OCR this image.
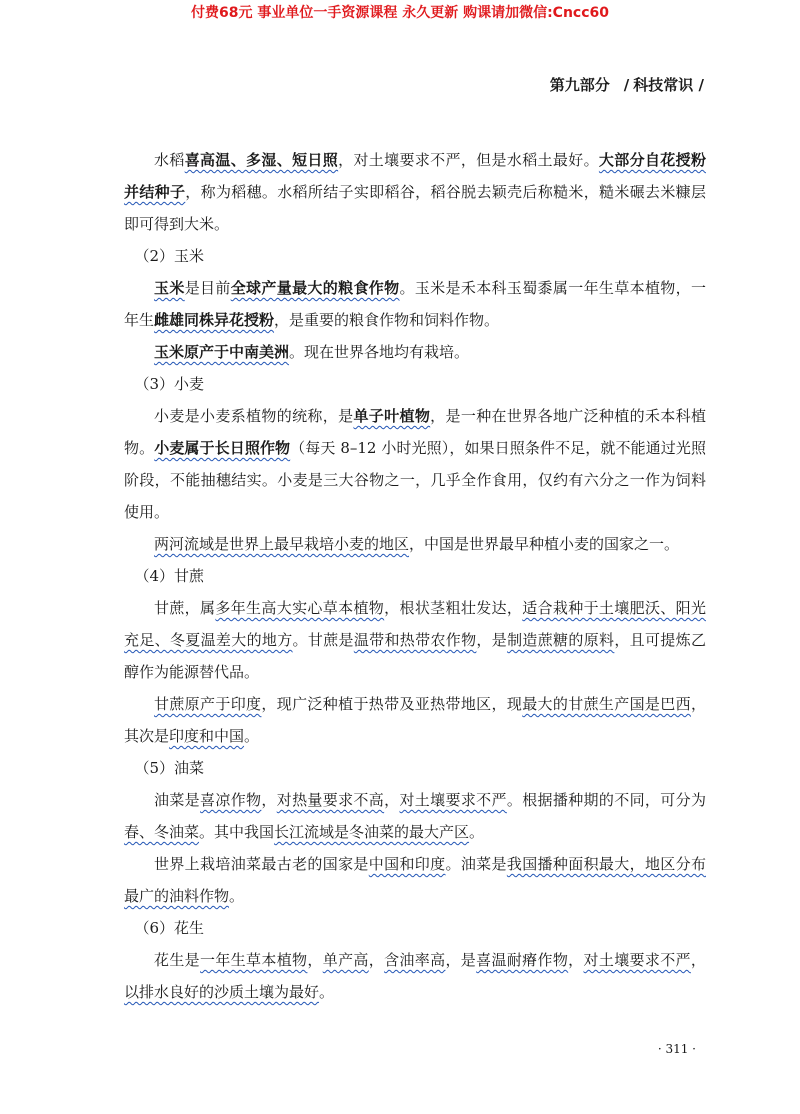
付费68元 事业单位一手资源课程 永久更新 购课请加微信:Cncc60
第九部分 / 科技常识 /

水稻喜高温、多湿、短日照，对土壤要求不严，但是水稻土最好。大部分自花授粉并结种子，称为稻穗。水稻所结子实即稻谷，稻谷脱去颖壳后称糙米，糙米碾去米糠层即可得到大米。

（2）玉米

玉米是目前全球产量最大的粮食作物。玉米是禾本科玉蜀黍属一年生草本植物，一年生雌雄同株异花授粉，是重要的粮食作物和饲料作物。

玉米原产于中南美洲。现在世界各地均有栽培。

（3）小麦

小麦是小麦系植物的统称，是单子叶植物，是一种在世界各地广泛种植的禾本科植物。小麦属于长日照作物（每天 8–12 小时光照），如果日照条件不足，就不能通过光照阶段，不能抽穗结实。小麦是三大谷物之一，几乎全作食用，仅约有六分之一作为饲料使用。

两河流域是世界上最早栽培小麦的地区，中国是世界最早种植小麦的国家之一。

（4）甘蔗

甘蔗，属多年生高大实心草本植物，根状茎粗壮发达，适合栽种于土壤肥沃、阳光充足、冬夏温差大的地方。甘蔗是温带和热带农作物，是制造蔗糖的原料，且可提炼乙醇作为能源替代品。

甘蔗原产于印度，现广泛种植于热带及亚热带地区，现最大的甘蔗生产国是巴西，其次是印度和中国。

（5）油菜

油菜是喜凉作物，对热量要求不高，对土壤要求不严。根据播种期的不同，可分为春、冬油菜。其中我国长江流域是冬油菜的最大产区。

世界上栽培油菜最古老的国家是中国和印度。油菜是我国播种面积最大，地区分布最广的油料作物。

（6）花生

花生是一年生草本植物，单产高，含油率高，是喜温耐瘠作物，对土壤要求不严，以排水良好的沙质土壤为最好。

· 311 ·
